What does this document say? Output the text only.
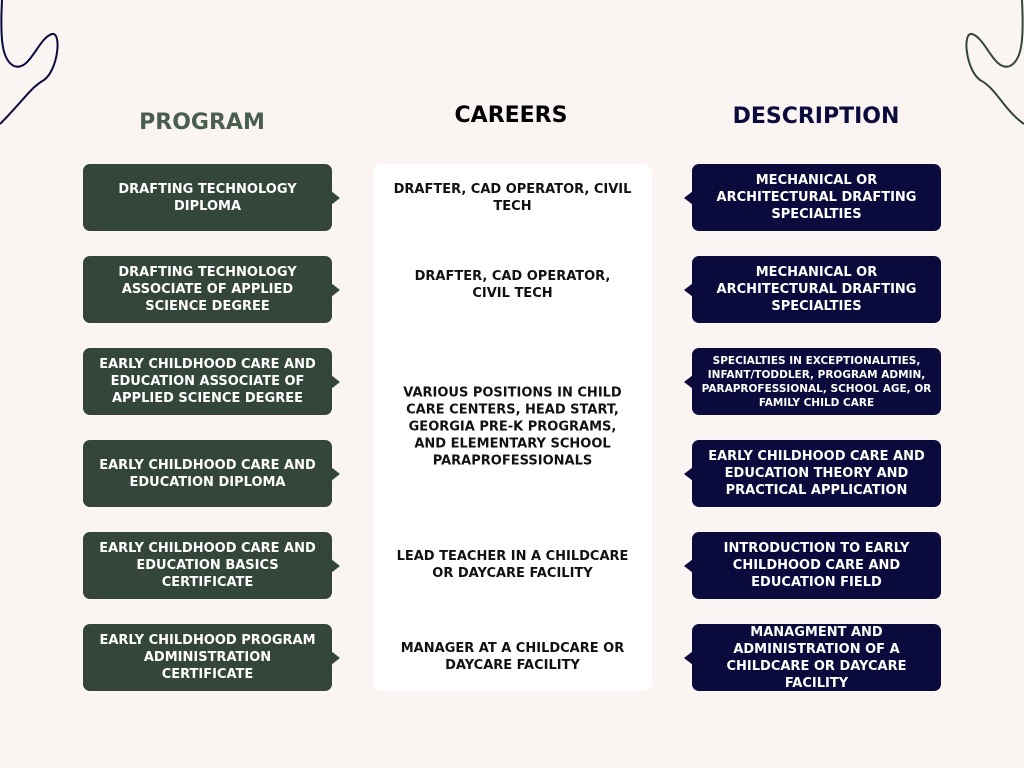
PROGRAM	CAREERS	DESCRIPTION
DRAFTING TECHNOLOGY DIPLOMA
DRAFTING TECHNOLOGY ASSOCIATE OF APPLIED SCIENCE DEGREE
EARLY CHILDHOOD CARE AND EDUCATION ASSOCIATE OF APPLIED SCIENCE DEGREE
EARLY CHILDHOOD CARE AND EDUCATION DIPLOMA
EARLY CHILDHOOD CARE AND EDUCATION BASICS CERTIFICATE
EARLY CHILDHOOD PROGRAM ADMINISTRATION CERTIFICATE
DRAFTER, CAD OPERATOR, CIVIL TECH
DRAFTER, CAD OPERATOR, CIVIL TECH
VARIOUS POSITIONS IN CHILD CARE CENTERS, HEAD START, GEORGIA PRE-K PROGRAMS, AND ELEMENTARY SCHOOL PARAPROFESSIONALS
LEAD TEACHER IN A CHILDCARE OR DAYCARE FACILITY
MANAGER AT A CHILDCARE OR DAYCARE FACILITY
MECHANICAL OR ARCHITECTURAL DRAFTING SPECIALTIES
MECHANICAL OR ARCHITECTURAL DRAFTING SPECIALTIES
SPECIALTIES IN EXCEPTIONALITIES, INFANT/TODDLER, PROGRAM ADMIN, PARAPROFESSIONAL, SCHOOL AGE, OR FAMILY CHILD CARE
EARLY CHILDHOOD CARE AND EDUCATION THEORY AND PRACTICAL APPLICATION
INTRODUCTION TO EARLY CHILDHOOD CARE AND EDUCATION FIELD
MANAGMENT AND ADMINISTRATION OF A CHILDCARE OR DAYCARE FACILITY
